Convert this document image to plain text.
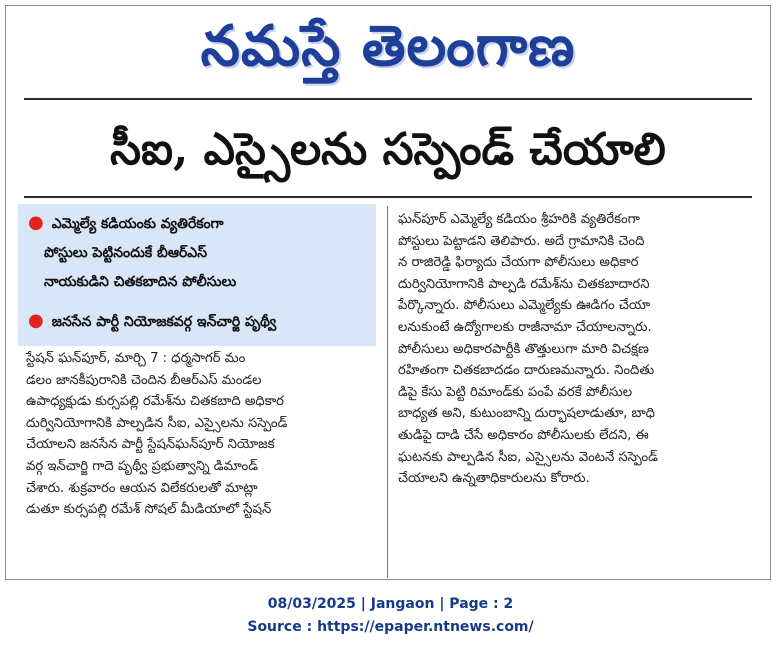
నమస్తే తెలంగాణ
సీఐ, ఎస్సైలను సస్పెండ్ చేయాలి
● ఎమ్మెల్యే కడియంకు వ్యతిరేకంగా
పోస్టులు పెట్టినందుకే బీఆర్ఎస్
నాయకుడిని చితకబాదిన పోలీసులు
● జనసేన పార్టీ నియోజకవర్గ ఇన్‌చార్జి పృథ్వీ

స్టేషన్ ఘన్‌పూర్, మార్చి 7 : ధర్మసాగర్ మం

డలం జానకీపురానికి చెందిన బీఆర్ఎస్ మండల

ఉపాధ్యక్షుడు కుర్సపల్లి రమేశ్‌ను చితకబాది అధికార

దుర్వినియోగానికి పాల్పడిన సీఐ, ఎస్సైలను సస్పెండ్

చేయాలని జనసేన పార్టీ స్టేషన్‌ఘన్‌పూర్ నియోజక

వర్గ ఇన్‌చార్జి గాదె పృథ్వీ ప్రభుత్వాన్ని డిమాండ్

చేశారు. శుక్రవారం ఆయన విలేకరులతో మాట్లా

డుతూ కుర్సపల్లి రమేశ్ సోషల్ మీడియాలో స్టేషన్

ఘన్‌పూర్ ఎమ్మెల్యే కడియం శ్రీహరికి వ్యతిరేకంగా

పోస్టులు పెట్టాడని తెలిపారు. అదే గ్రామానికి చెంది

న రాజిరెడ్డి ఫిర్యాదు చేయగా పోలీసులు అధికార

దుర్వినియోగానికి పాల్పడి రమేశ్‌ను చితకబాదారని

పేర్కొన్నారు. పోలీసులు ఎమ్మెల్యేకు ఊడిగం చేయా

లనుకుంటే ఉద్యోగాలకు రాజీనామా చేయాలన్నారు.

పోలీసులు అధికారపార్టీకి తొత్తులుగా మారి విచక్షణ

రహితంగా చితకబాదడం దారుణమన్నారు. నిందితు

డిపై కేసు పెట్టి రిమాండ్‌కు పంపే వరకే పోలీసుల

బాధ్యత అని, కుటుంబాన్ని దుర్భాషలాడుతూ, బాధి

తుడిపై దాడి చేసే అధికారం పోలీసులకు లేదని, ఈ

ఘటనకు పాల్పడిన సీఐ, ఎస్సైలను వెంటనే సస్పెండ్

చేయాలని ఉన్నతాధికారులను కోరారు.

08/03/2025 | Jangaon | Page : 2
Source : https://epaper.ntnews.com/
